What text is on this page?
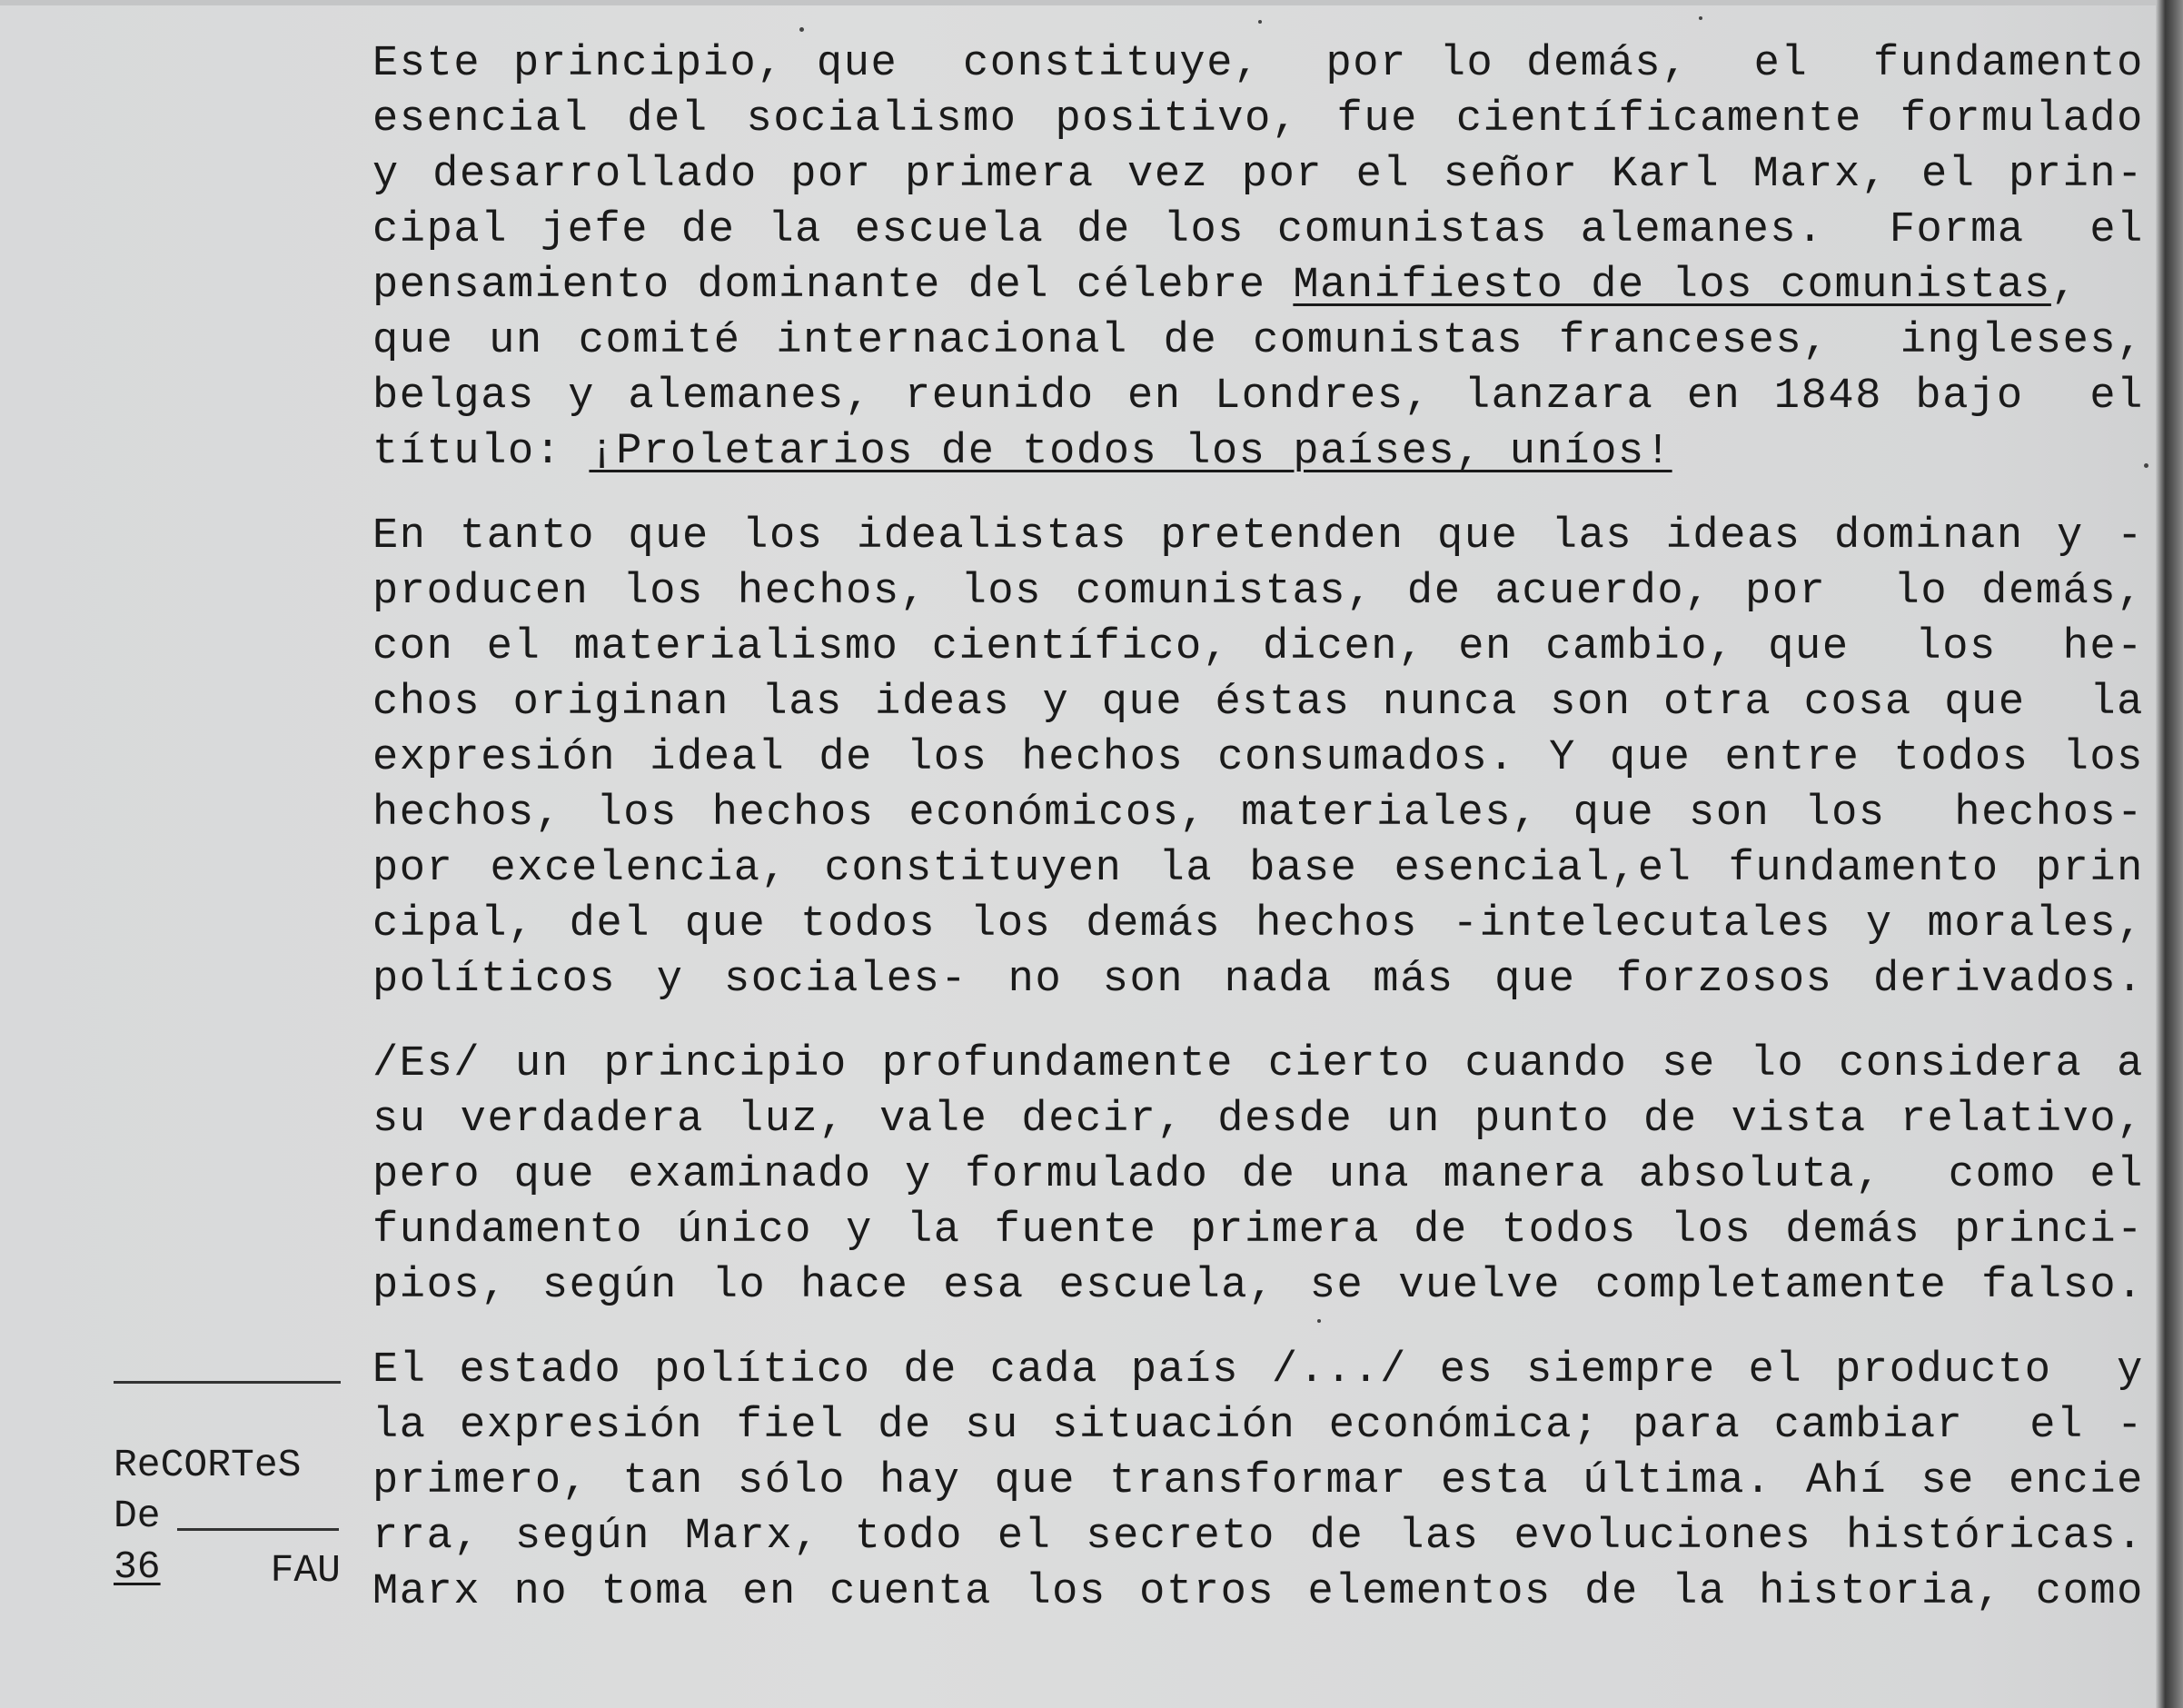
Este principio, que  constituye,  por lo demás,  el  fundamento
esencial del socialismo positivo, fue científicamente formulado
y desarrollado por primera vez por el señor Karl Marx, el prin-
cipal jefe de la escuela de los comunistas alemanes.  Forma  el
pensamiento dominante del célebre Manifiesto de los comunistas,
que un comité internacional de comunistas franceses,  ingleses,
belgas y alemanes, reunido en Londres, lanzara en 1848 bajo  el
título: ¡Proletarios de todos los países, uníos!
En tanto que los idealistas pretenden que las ideas dominan y -
producen los hechos, los comunistas, de acuerdo, por  lo demás,
con el materialismo científico, dicen, en cambio, que  los  he-
chos originan las ideas y que éstas nunca son otra cosa que  la
expresión ideal de los hechos consumados. Y que entre todos los
hechos, los hechos económicos, materiales, que son los  hechos-
por excelencia, constituyen la base esencial,el fundamento prin
cipal, del que todos los demás hechos -intelecutales y morales,
políticos y sociales- no son nada más que forzosos derivados.
/Es/ un principio profundamente cierto cuando se lo considera a
su verdadera luz, vale decir, desde un punto de vista relativo,
pero que examinado y formulado de una manera absoluta,  como el
fundamento único y la fuente primera de todos los demás princi-
pios, según lo hace esa escuela, se vuelve completamente falso.
El estado político de cada país /.../ es siempre el producto  y
la expresión fiel de su situación económica; para cambiar  el -
primero, tan sólo hay que transformar esta última. Ahí se encie
rra, según Marx, todo el secreto de las evoluciones históricas.
Marx no toma en cuenta los otros elementos de la historia, como

ReCORTeS

De

FAU

36
